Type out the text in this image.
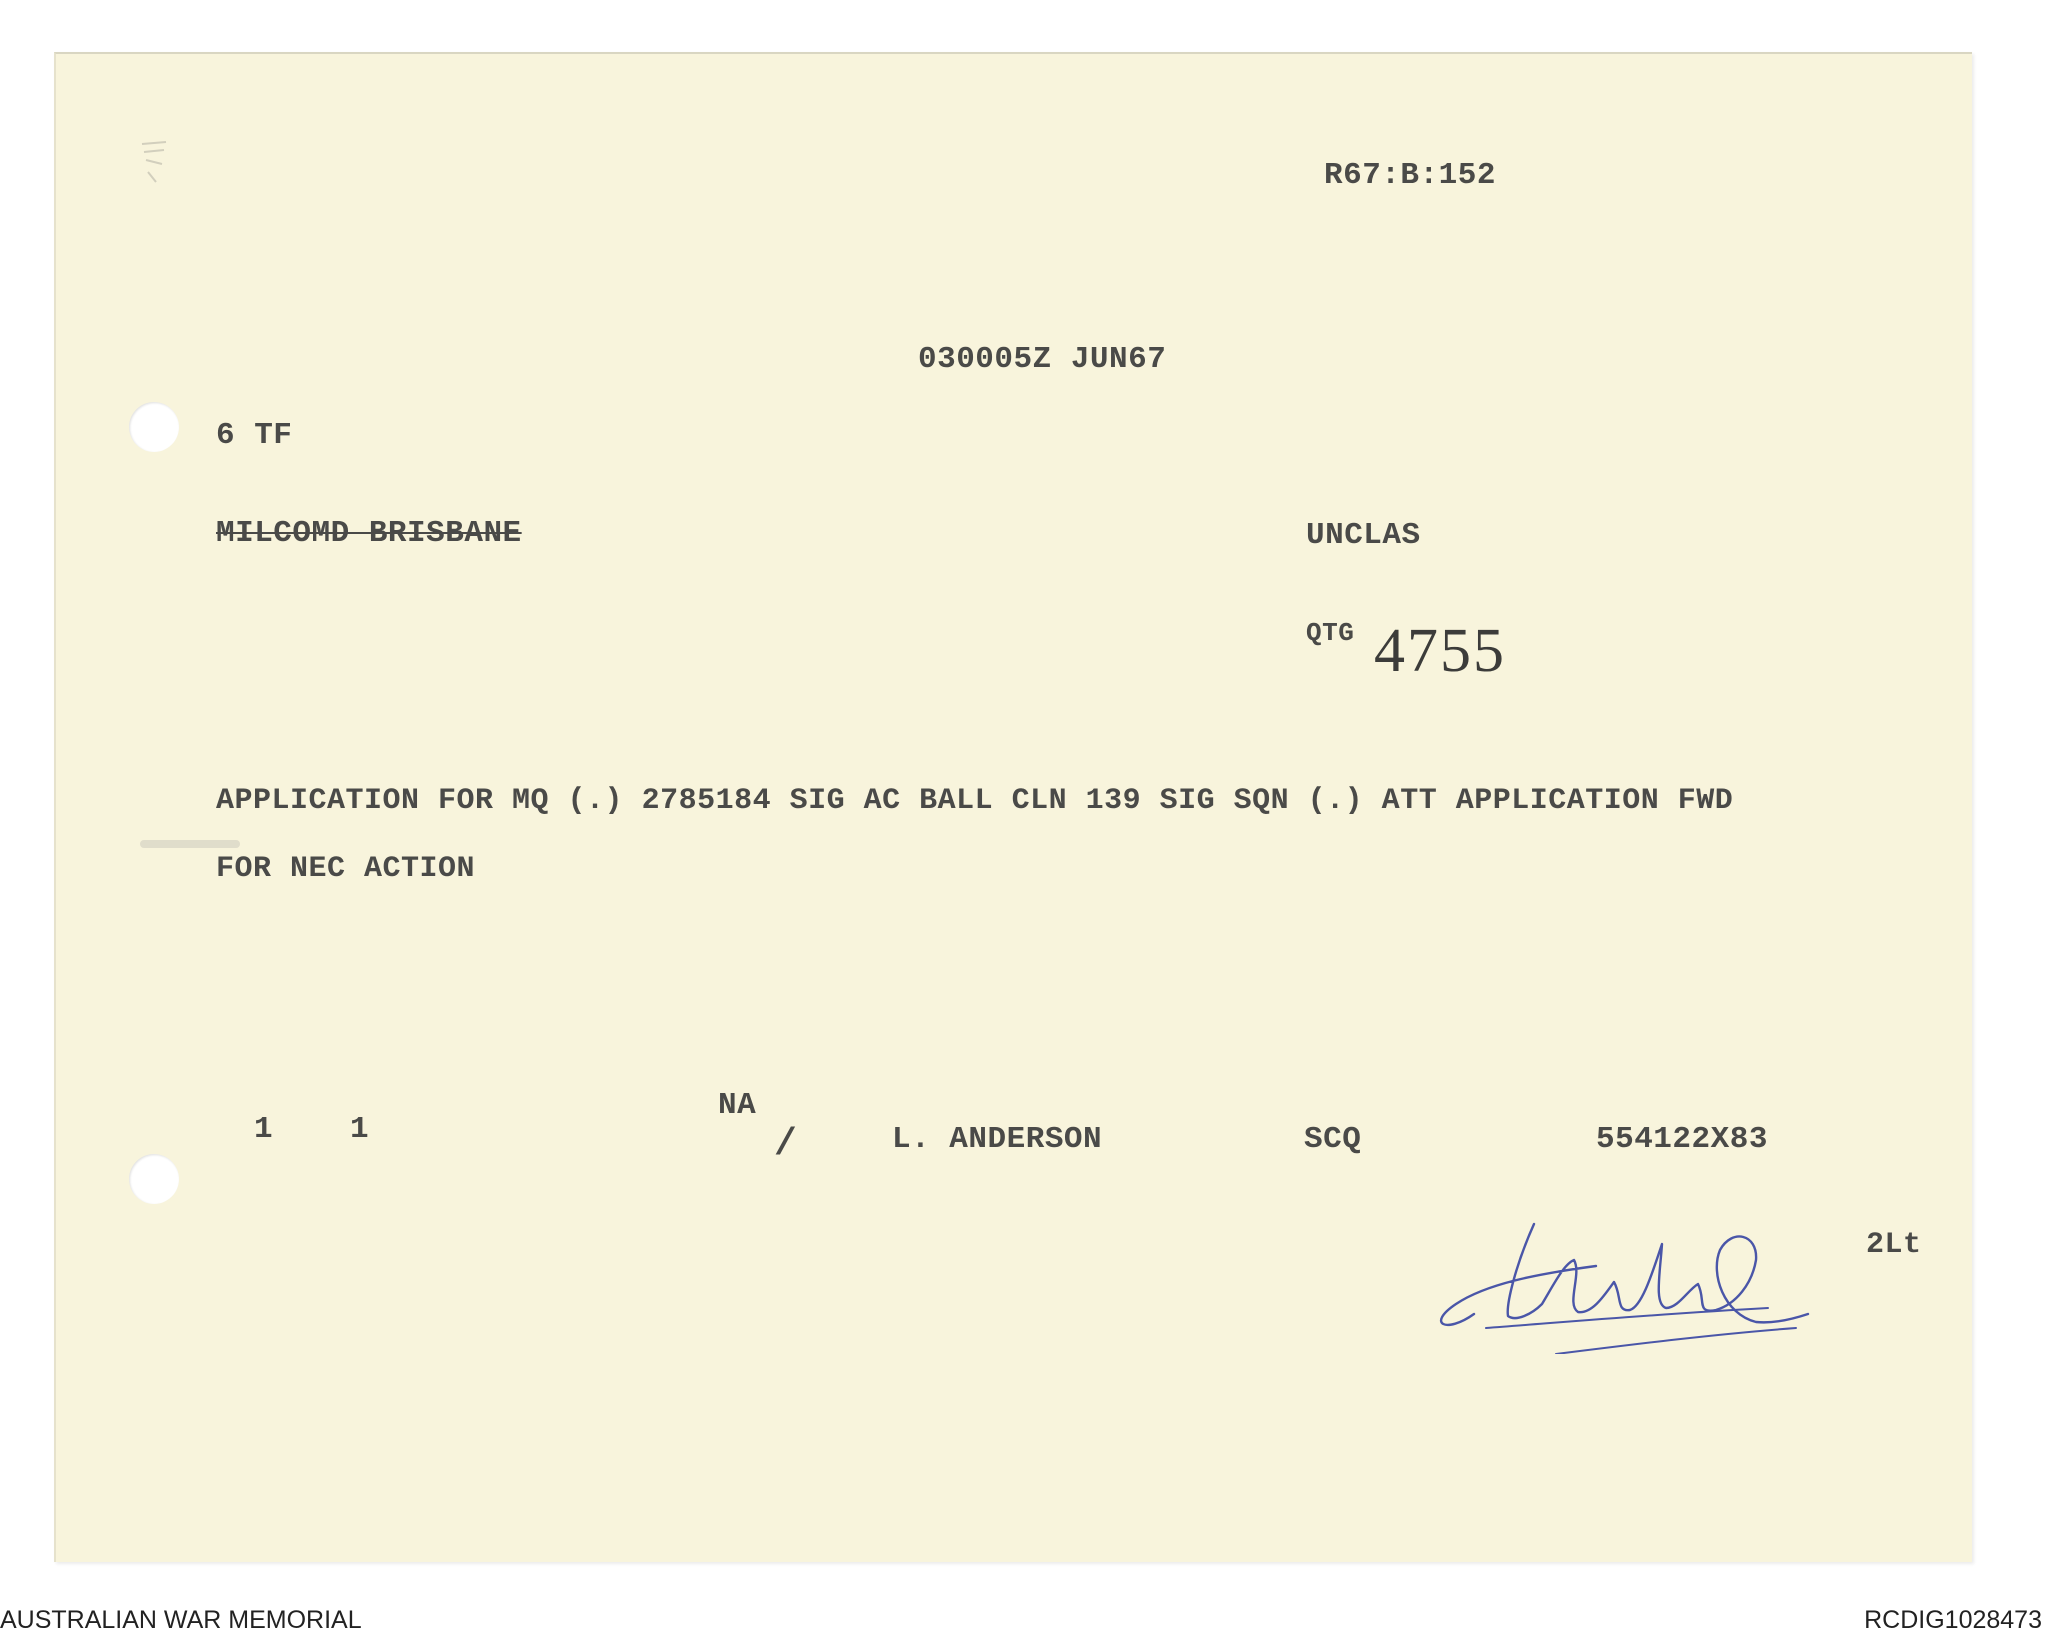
R67:B:152
030005Z JUN67
6 TF
MILCOMD BRISBANE	UNCLAS
QTG 4755
APPLICATION FOR MQ (.) 2785184 SIG AC BALL CLN 139 SIG SQN (.) ATT APPLICATION FWD
FOR NEC ACTION
1 1
NA
/	L. ANDERSON	SCQ	554122X83
2Lt
AUSTRALIAN WAR MEMORIAL	RCDIG1028473
